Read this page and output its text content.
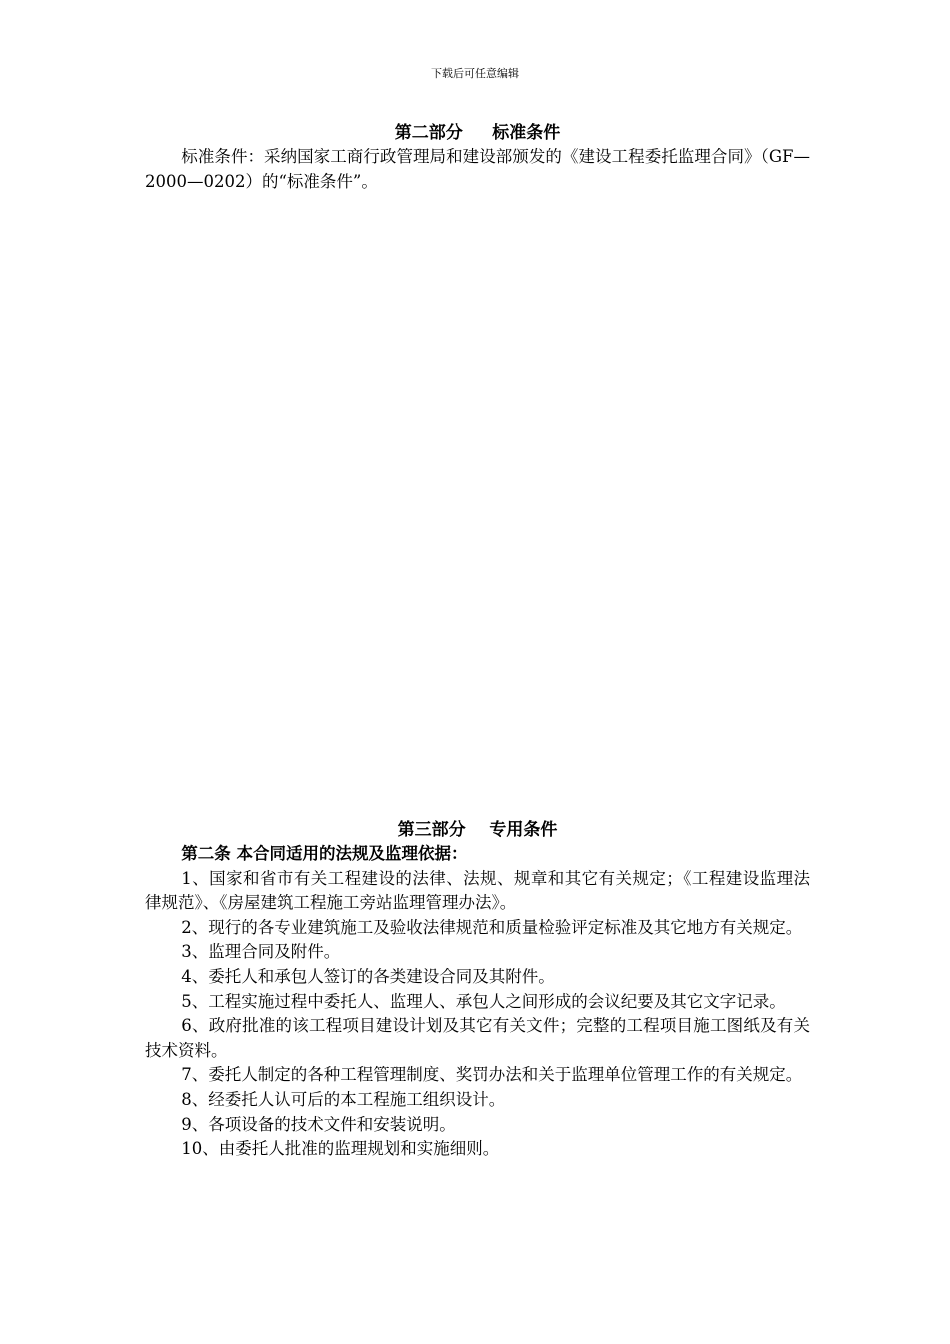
下载后可任意编辑

第二部分     标准条件

标准条件：采纳国家工商行政管理局和建设部颁发的《建设工程委托监理合同》（GF—2000—0202）的“标准条件”。

第三部分    专用条件

第二条 本合同适用的法规及监理依据：

1、国家和省市有关工程建设的法律、法规、规章和其它有关规定；《工程建设监理法律规范》、《房屋建筑工程施工旁站监理管理办法》。

2、现行的各专业建筑施工及验收法律规范和质量检验评定标准及其它地方有关规定。

3、监理合同及附件。

4、委托人和承包人签订的各类建设合同及其附件。

5、工程实施过程中委托人、监理人、承包人之间形成的会议纪要及其它文字记录。

6、政府批准的该工程项目建设计划及其它有关文件；完整的工程项目施工图纸及有关技术资料。

7、委托人制定的各种工程管理制度、奖罚办法和关于监理单位管理工作的有关规定。

8、经委托人认可后的本工程施工组织设计。

9、各项设备的技术文件和安装说明。

10、由委托人批准的监理规划和实施细则。
